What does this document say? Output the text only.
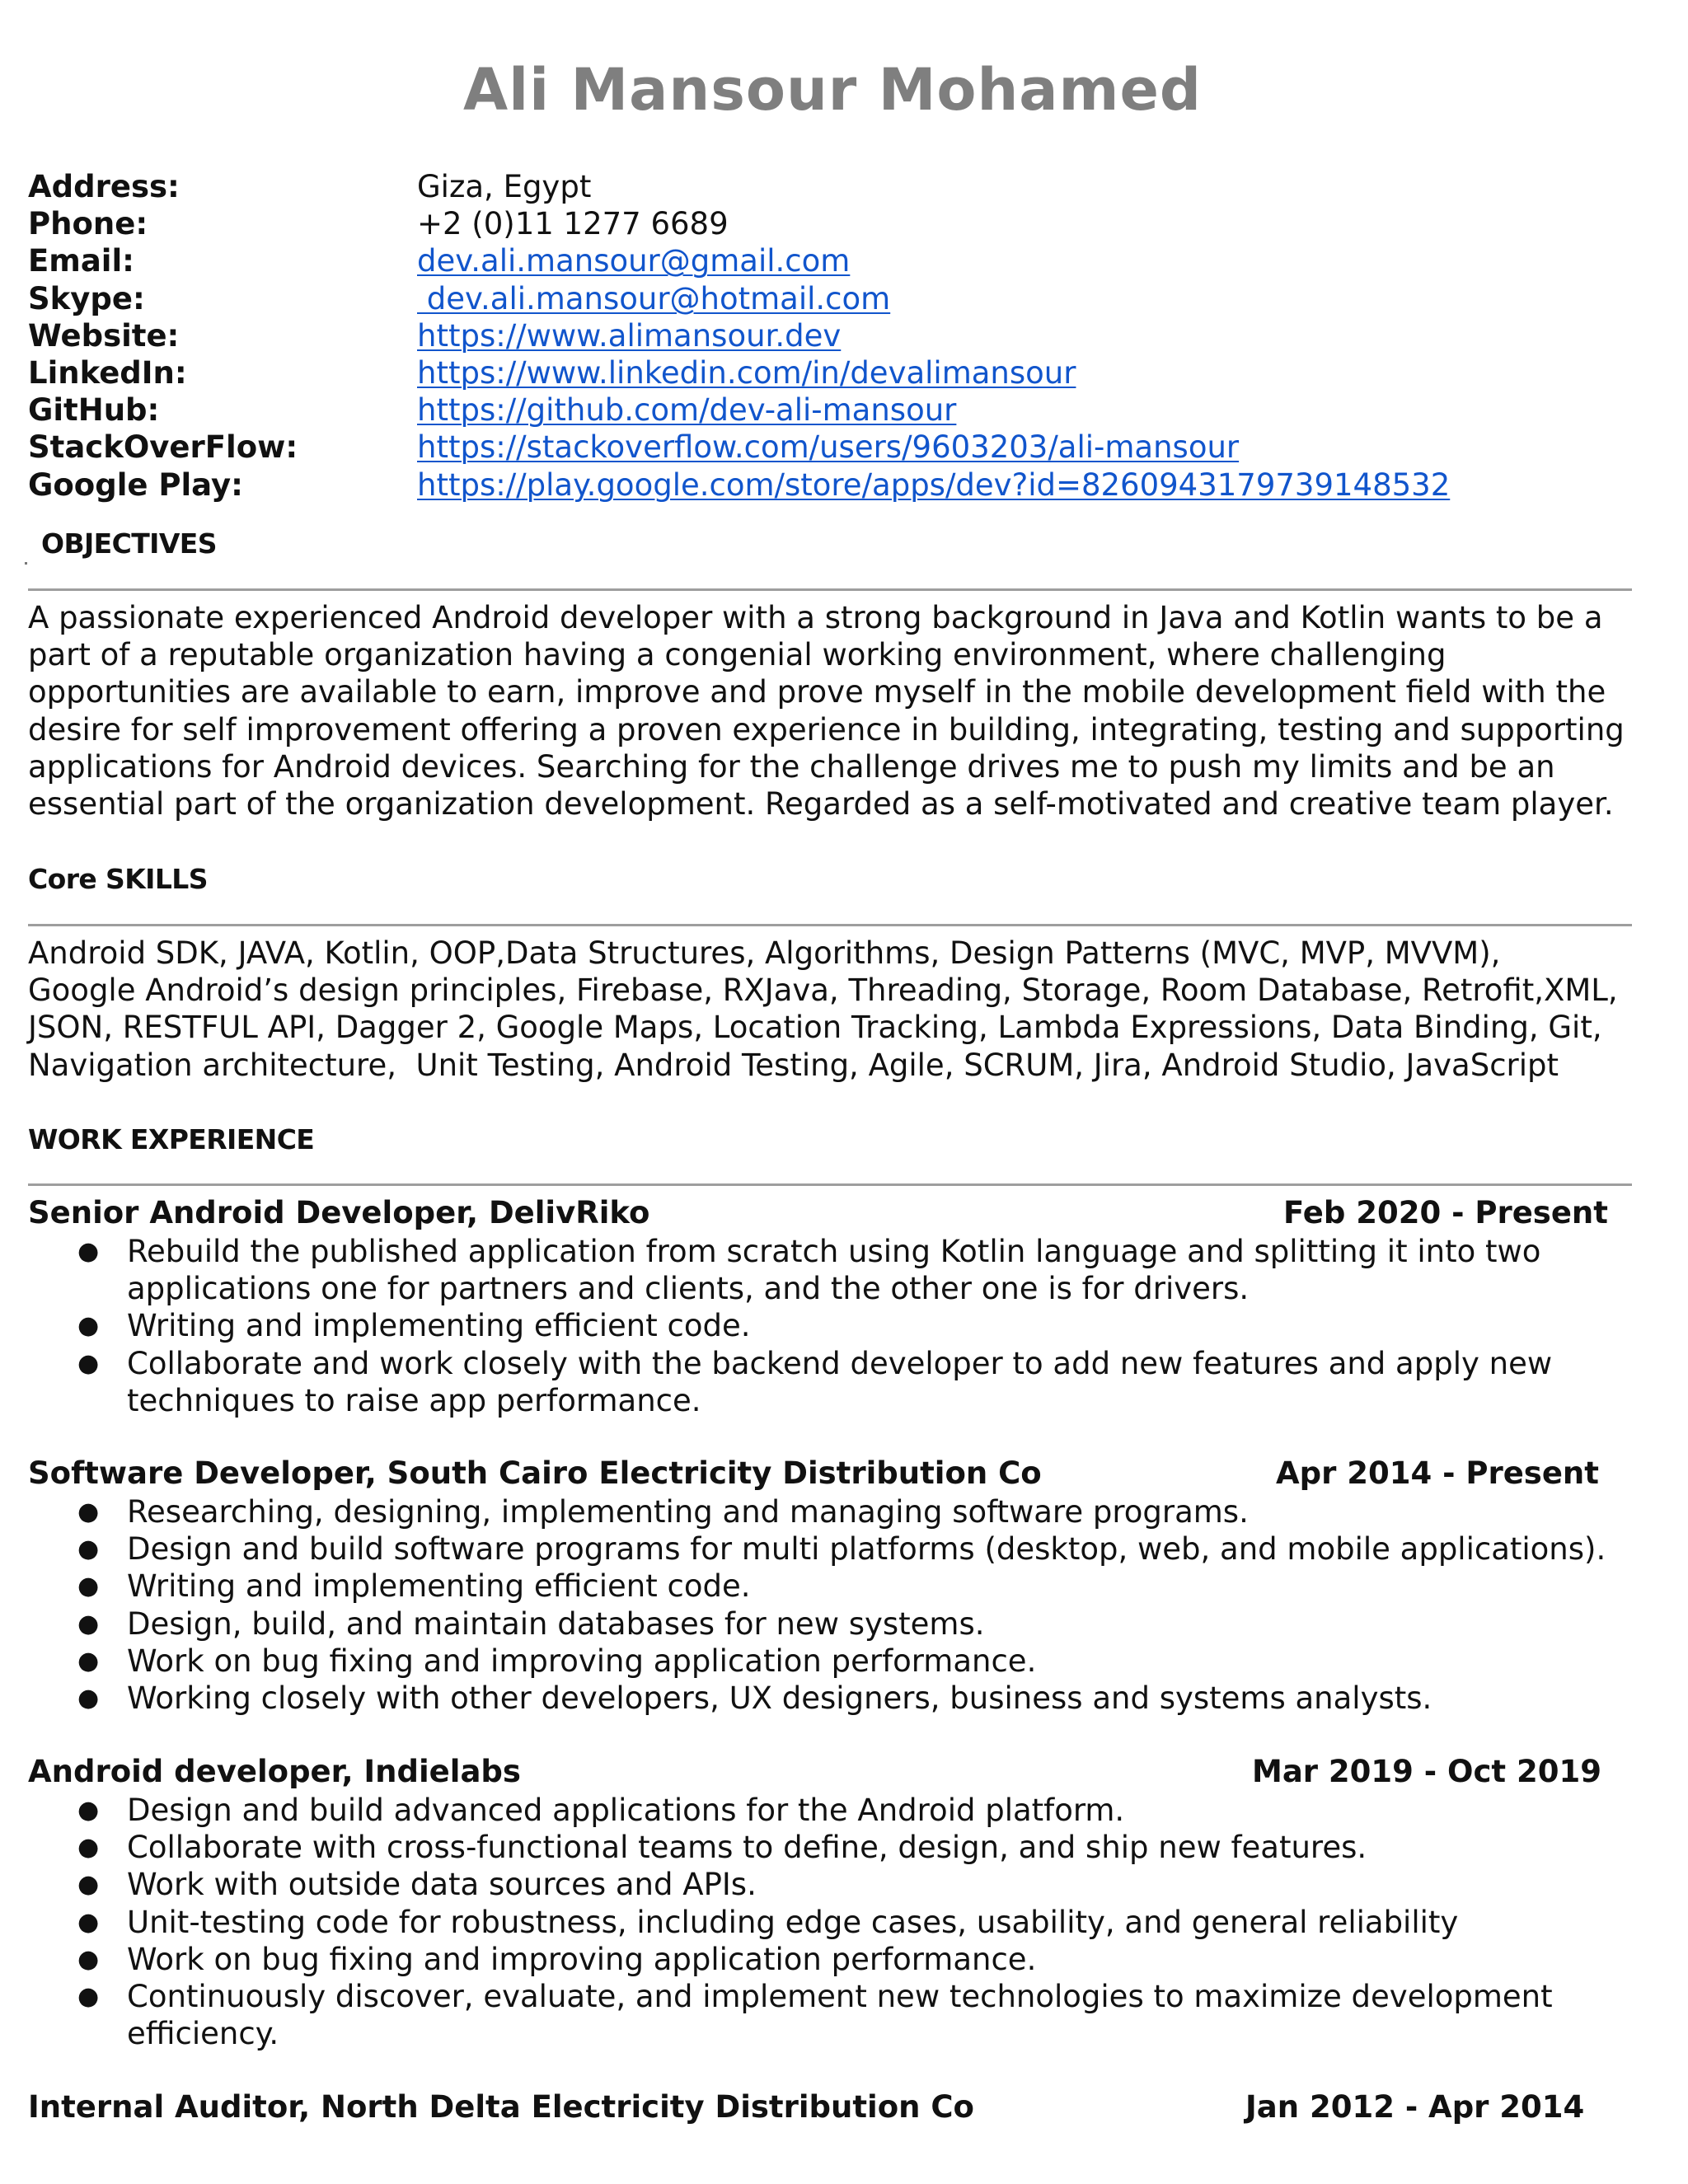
Ali Mansour Mohamed
Address:	Giza, Egypt
Phone:	+2 (0)11 1277 6689
Email:	dev.ali.mansour@gmail.com
Skype:	dev.ali.mansour@hotmail.com
Website:	https://www.alimansour.dev
LinkedIn:	https://www.linkedin.com/in/devalimansour
GitHub:	https://github.com/dev-ali-mansour
StackOverFlow:	https://stackoverflow.com/users/9603203/ali-mansour
Google Play:	https://play.google.com/store/apps/dev?id=8260943179739148532
OBJECTIVES
A passionate experienced Android developer with a strong background in Java and Kotlin wants to be a
part of a reputable organization having a congenial working environment, where challenging
opportunities are available to earn, improve and prove myself in the mobile development field with the
desire for self improvement offering a proven experience in building, integrating, testing and supporting
applications for Android devices. Searching for the challenge drives me to push my limits and be an
essential part of the organization development. Regarded as a self-motivated and creative team player.
Core SKILLS
Android SDK, JAVA, Kotlin, OOP,Data Structures, Algorithms, Design Patterns (MVC, MVP, MVVM),
Google Android’s design principles, Firebase, RXJava, Threading, Storage, Room Database, Retrofit,XML,
JSON, RESTFUL API, Dagger 2, Google Maps, Location Tracking, Lambda Expressions, Data Binding, Git,
Navigation architecture,  Unit Testing, Android Testing, Agile, SCRUM, Jira, Android Studio, JavaScript
WORK EXPERIENCE
Senior Android Developer, DelivRiko	Feb 2020 - Present
● Rebuild the published application from scratch using Kotlin language and splitting it into two
applications one for partners and clients, and the other one is for drivers.
● Writing and implementing efficient code.
● Collaborate and work closely with the backend developer to add new features and apply new
techniques to raise app performance.
Software Developer, South Cairo Electricity Distribution Co	Apr 2014 - Present
● Researching, designing, implementing and managing software programs.
● Design and build software programs for multi platforms (desktop, web, and mobile applications).
● Writing and implementing efficient code.
● Design, build, and maintain databases for new systems.
● Work on bug fixing and improving application performance.
● Working closely with other developers, UX designers, business and systems analysts.
Android developer, Indielabs	Mar 2019 - Oct 2019
● Design and build advanced applications for the Android platform.
● Collaborate with cross-functional teams to define, design, and ship new features.
● Work with outside data sources and APIs.
● Unit-testing code for robustness, including edge cases, usability, and general reliability
● Work on bug fixing and improving application performance.
● Continuously discover, evaluate, and implement new technologies to maximize development
efficiency.
Internal Auditor, North Delta Electricity Distribution Co	Jan 2012 - Apr 2014
